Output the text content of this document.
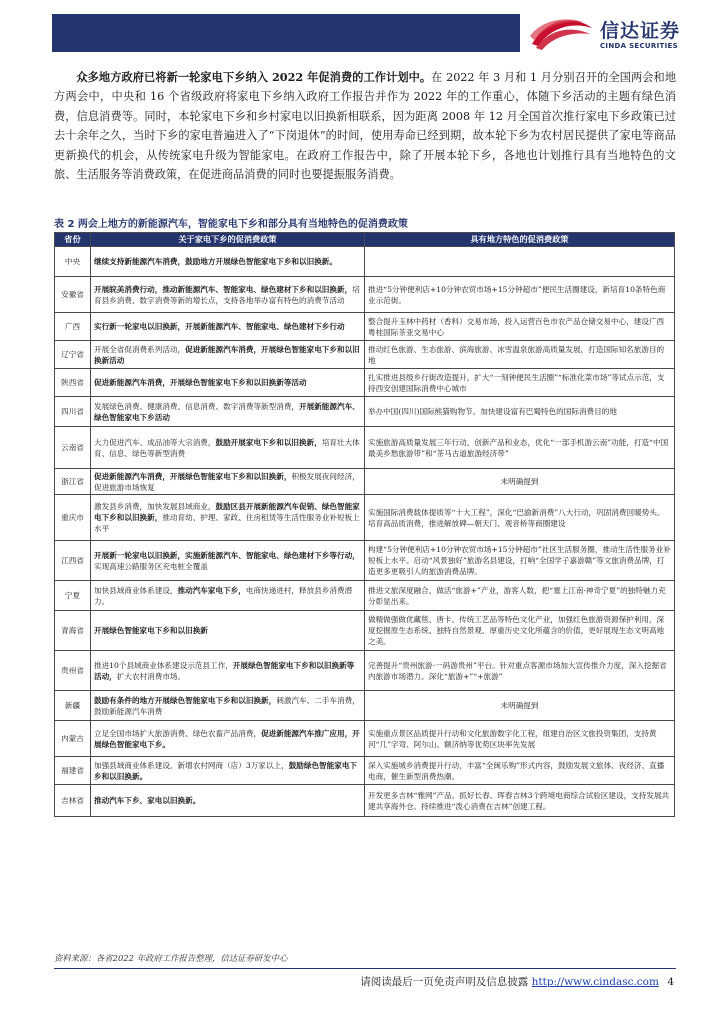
信达证券
CINDA SECURITIES

众多地方政府已将新一轮家电下乡纳入 2022 年促消费的工作计划中。在 2022 年 3 月和 1 月分别召开的全国两会和地方两会中，中央和 16 个省级政府将家电下乡纳入政府工作报告并作为 2022 年的工作重心，体随下乡活动的主题有绿色消费，信息消费等。同时，本轮家电下乡和乡村家电以旧换新相联系，因为距离 2008 年 12 月全国首次推行家电下乡政策已过去十余年之久，当时下乡的家电普遍进入了“下岗退休”的时间，使用寿命已经到期，故本轮下乡为农村居民提供了家电等商品更新换代的机会，从传统家电升级为智能家电。在政府工作报告中，除了开展本轮下乡，各地也计划推行具有当地特色的文旅、生活服务等消费政策，在促进商品消费的同时也要提振服务消费。

表 2 两会上地方的新能源汽车，智能家电下乡和部分具有当地特色的促消费政策
省份	关于家电下乡的促消费政策	具有地方特色的促消费政策
中央	继续支持新能源汽车消费，鼓励地方开展绿色智能家电下乡和以旧换新。	
安徽省	开展皖美消费行动，推动新能源汽车、智能家电、绿色建材下乡和以旧换新，培育县乡消费、数字消费等新的增长点，支持各地举办富有特色的消费节活动	推进“5分钟便利店+10分钟农贸市场+15分钟超市”便民生活圈建设，新培育10条特色商业示范街。
广西	实行新一轮家电以旧换新，开展新能源汽车、智能家电、绿色建材下乡行动	整合提升玉林中药材（香料）交易市场，投入运营百色市农产品仓储交易中心，建设广西粤桂国际茶亚交易中心
辽宁省	开展全省促消费系列活动，促进新能源汽车消费，开展绿色智能家电下乡和以旧换新活动	推动红色旅游、生态旅游、滨海旅游、冰雪温泉旅游高质量发展，打造国际知名旅游目的地
陕西省	促进新能源汽车消费，开展绿色智能家电下乡和以旧换新等活动	扎实推进县级乡行街改造提升，扩大“一刻钟便民生活圈”“标准化菜市场”等试点示范，支持西安创建国际消费中心城市
四川省	发展绿色消费、健康消费、信息消费、数字消费等新型消费，开展新能源汽车、绿色智能家电下乡活动	举办中国(四川)国际熊猫购物节。加快建设富有巴蜀特色的国际消费目的地
云南省	大力促进汽车、成品油等大宗消费，鼓励开展家电下乡和以旧换新，培育壮大体育、信息、绿色等新型消费	实施旅游高质量发展三年行动，创新产品和业态，优化“一部手机游云南”功能，打造“中国最美乡愁旅游带”和“茶马古道旅游经济带”
浙江省	促进新能源汽车消费，开展绿色智能家电下乡和以旧换新，积极发展夜间经济，促进旅游市场恢复	未明确提到
重庆市	激发县乡消费，加快发展县域商业，鼓励区县开展新能源汽车促销、绿色智能家电下乡和以旧换新，推动育幼、护理、家政、住房租赁等生活性服务业补短板上水平	实施国际消费载体提质等“十大工程”，深化“巴渝新消费”八大行动，巩固消费回暖势头。培育高品质消费，推进解放碑—朝天门、观音桥等商圈建设
江西省	开展新一轮家电以旧换新，实施新能源汽车、智能家电、绿色建材下乡等行动，实现高速公路服务区充电桩全覆盖	构建“5分钟便利店+10分钟农贸市场+15分钟超市”社区生活服务圈，推动生活性服务业补短板上水平。启动“风景独好”旅游名县建设，打响“全国学子嘉游赣”等文旅消费品牌，打造更多更吸引人的旅游消费品牌。
宁夏	加快县域商业体系建设，推动汽车家电下乡，电商快递进村，释放县乡消费潜力。	推进文旅深度融合，做活“旅游+”产业，游客人数，把“塞上江南·神奇宁夏”的独特魅力充分彰显出来。
青海省	开展绿色智能家电下乡和以旧换新	做精做强做优藏毯、唐卡、传统工艺品等特色文化产业，加强红色旅游资源保护利用，深度挖掘原生态系统、独特自然景观、厚重历史文化所蕴含的价值，更好展现生态文明高地之美。
贵州省	推进10个县域商业体系建设示范县工作，开展绿色智能家电下乡和以旧换新等活动，扩大农村消费市场。	完善提升“贵州旅游·一码游贵州”平台。针对重点客源市场加大宣传推介力度，深入挖掘省内旅游市场潜力。深化“旅游+”“+旅游”
新疆	鼓励有条件的地方开展绿色智能家电下乡和以旧换新，刺激汽车、二手车消费，鼓励新能源汽车消费	未明确提到
内蒙古	立足全国市场扩大旅游消费、绿色农畜产品消费，促进新能源汽车推广应用，开展绿色智能家电下乡。	实施重点景区品质提升行动和文化旅游数字化工程，组建自治区文旅投资集团，支持黄河“几”字弯、阿尔山、额济纳等优势区块率先发展
福建省	加强县域商业体系建设，新增农村网商（店）3万家以上，鼓励绿色智能家电下乡和以旧换新。	深入实施城乡消费提升行动，丰富“全闽乐购”形式内容，鼓励发展文旅体、夜经济、直播电商，催生新型消费热潮。
吉林省	推动汽车下乡、家电以旧换新。	开发更多吉林“雅网”产品。抓好长春、珲春吉林3个跨境电商综合试验区建设，支持发展共建共享海外仓。持续推进“泼心消费在吉林”创建工程。
资料来源：各省2022 年政府工作报告整理，信达证券研发中心
请阅读最后一页免责声明及信息披露 http://www.cindasc.com 4
